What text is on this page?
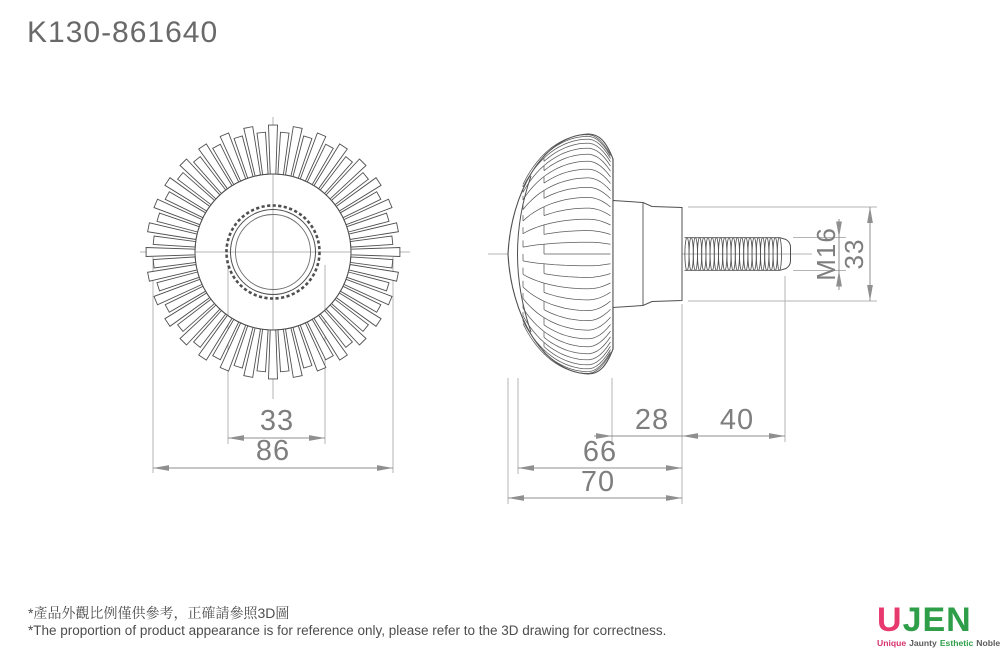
K130-861640
33
86
28 40
66
70
M16
33
*產品外觀比例僅供參考，正確請參照3D圖
*The proportion of product appearance is for reference only, please refer to the 3D drawing for correctness.	UJEN
Unique Jaunty Esthetic Noble
